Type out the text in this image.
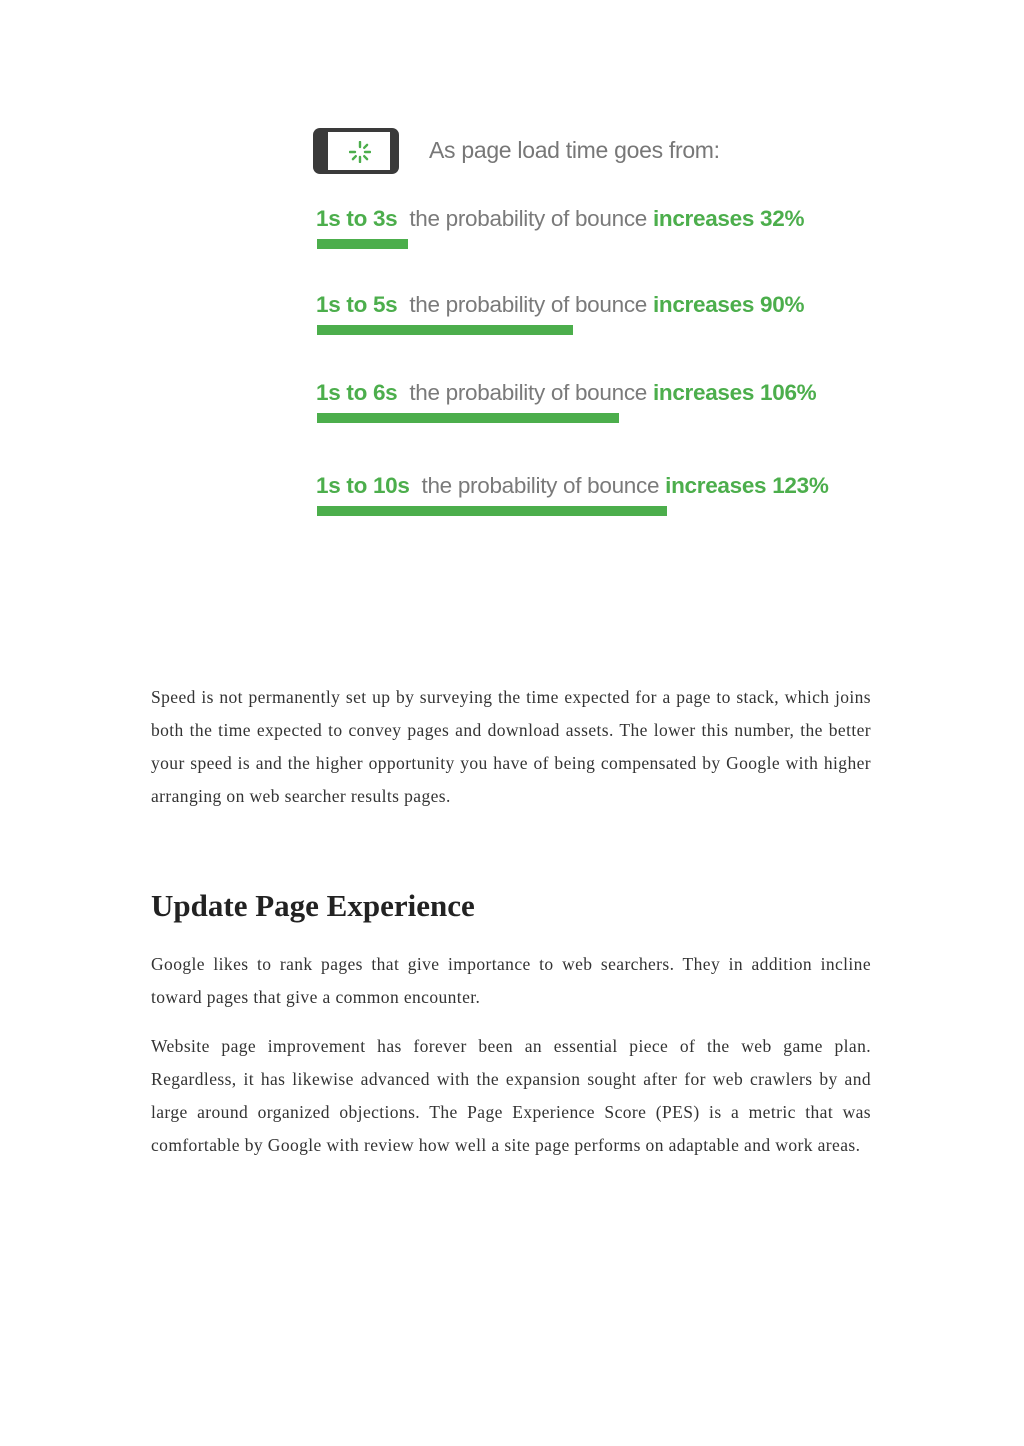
As page load time goes from:
1s to 3s the probability of bounce increases 32%
1s to 5s the probability of bounce increases 90%
1s to 6s the probability of bounce increases 106%
1s to 10s the probability of bounce increases 123%

Speed is not permanently set up by surveying the time expected for a page to stack, which joins both the time expected to convey pages and download assets. The lower this number, the better your speed is and the higher opportunity you have of being compensated by Google with higher arranging on web searcher results pages.

Update Page Experience

Google likes to rank pages that give importance to web searchers. They in addition incline toward pages that give a common encounter.

Website page improvement has forever been an essential piece of the web game plan. Regardless, it has likewise advanced with the expansion sought after for web crawlers by and large around organized objections. The Page Experience Score (PES) is a metric that was comfortable by Google with review how well a site page performs on adaptable and work areas.
